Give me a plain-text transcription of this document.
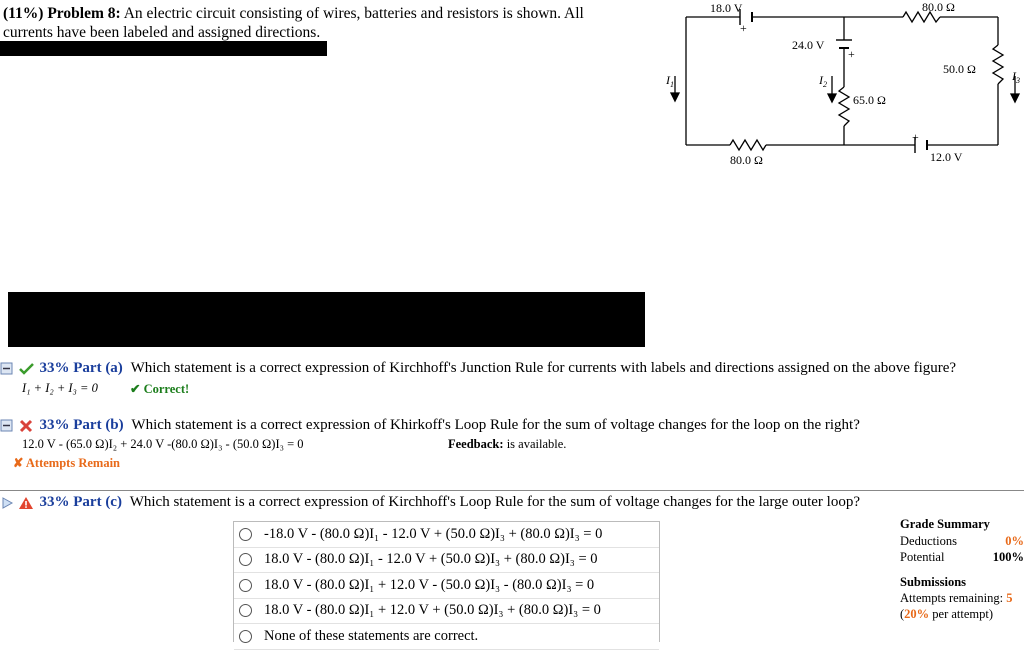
(11%) Problem 8: An electric circuit consisting of wires, batteries and resistors is shown. All
currents have been labeled and assigned directions.
18.0 V
+
80.0 Ω
24.0 V
+
50.0 Ω
$I_1$	$I_2$
$I_3$
65.0 Ω
80.0 Ω
+
12.0 V
33% Part (a) Which statement is a correct expression of Kirchhoff's Junction Rule for currents with labels and directions assigned on the above figure?
I₁ + I₂ + I₃ = 0	✔ Correct!
33% Part (b) Which statement is a correct expression of Khirkoff's Loop Rule for the sum of voltage changes for the loop on the right?
12.0 V - (65.0 Ω)I₂ + 24.0 V -(80.0 Ω)I₃ - (50.0 Ω)I₃ = 0	Feedback: is available.
✘ Attempts Remain
33% Part (c) Which statement is a correct expression of Kirchhoff's Loop Rule for the sum of voltage changes for the large outer loop?
-18.0 V - (80.0 Ω)I₁ - 12.0 V + (50.0 Ω)I₃ + (80.0 Ω)I₃ = 0
18.0 V - (80.0 Ω)I₁ - 12.0 V + (50.0 Ω)I₃ + (80.0 Ω)I₃ = 0
18.0 V - (80.0 Ω)I₁ + 12.0 V - (50.0 Ω)I₃ - (80.0 Ω)I₃ = 0
18.0 V - (80.0 Ω)I₁ + 12.0 V + (50.0 Ω)I₃ + (80.0 Ω)I₃ = 0
None of these statements are correct.
Grade Summary
Deductions	0%
Potential	100%
Submissions
Attempts remaining: 5
(20% per attempt)
